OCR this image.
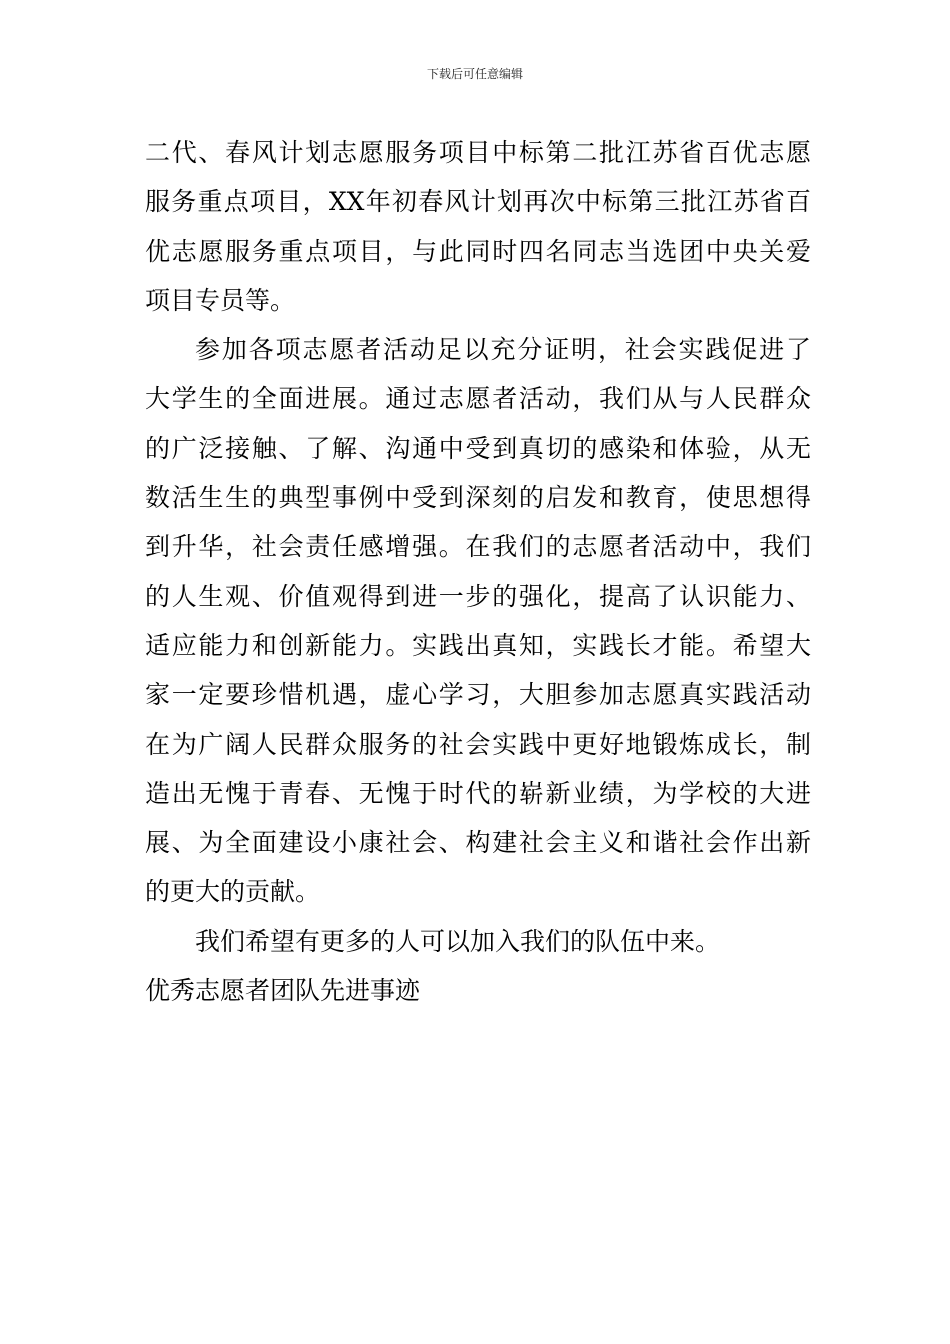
下载后可任意编辑
二代、春风计划志愿服务项目中标第二批江苏省百优志愿
服务重点项目，XX年初春风计划再次中标第三批江苏省百
优志愿服务重点项目，与此同时四名同志当选团中央关爱
项目专员等。
参加各项志愿者活动足以充分证明，社会实践促进了
大学生的全面进展。通过志愿者活动，我们从与人民群众
的广泛接触、了解、沟通中受到真切的感染和体验，从无
数活生生的典型事例中受到深刻的启发和教育，使思想得
到升华，社会责任感增强。在我们的志愿者活动中，我们
的人生观、价值观得到进一步的强化，提高了认识能力、
适应能力和创新能力。实践出真知，实践长才能。希望大
家一定要珍惜机遇，虚心学习，大胆参加志愿真实践活动
在为广阔人民群众服务的社会实践中更好地锻炼成长，制
造出无愧于青春、无愧于时代的崭新业绩，为学校的大进
展、为全面建设小康社会、构建社会主义和谐社会作出新
的更大的贡献。
我们希望有更多的人可以加入我们的队伍中来。
优秀志愿者团队先进事迹
